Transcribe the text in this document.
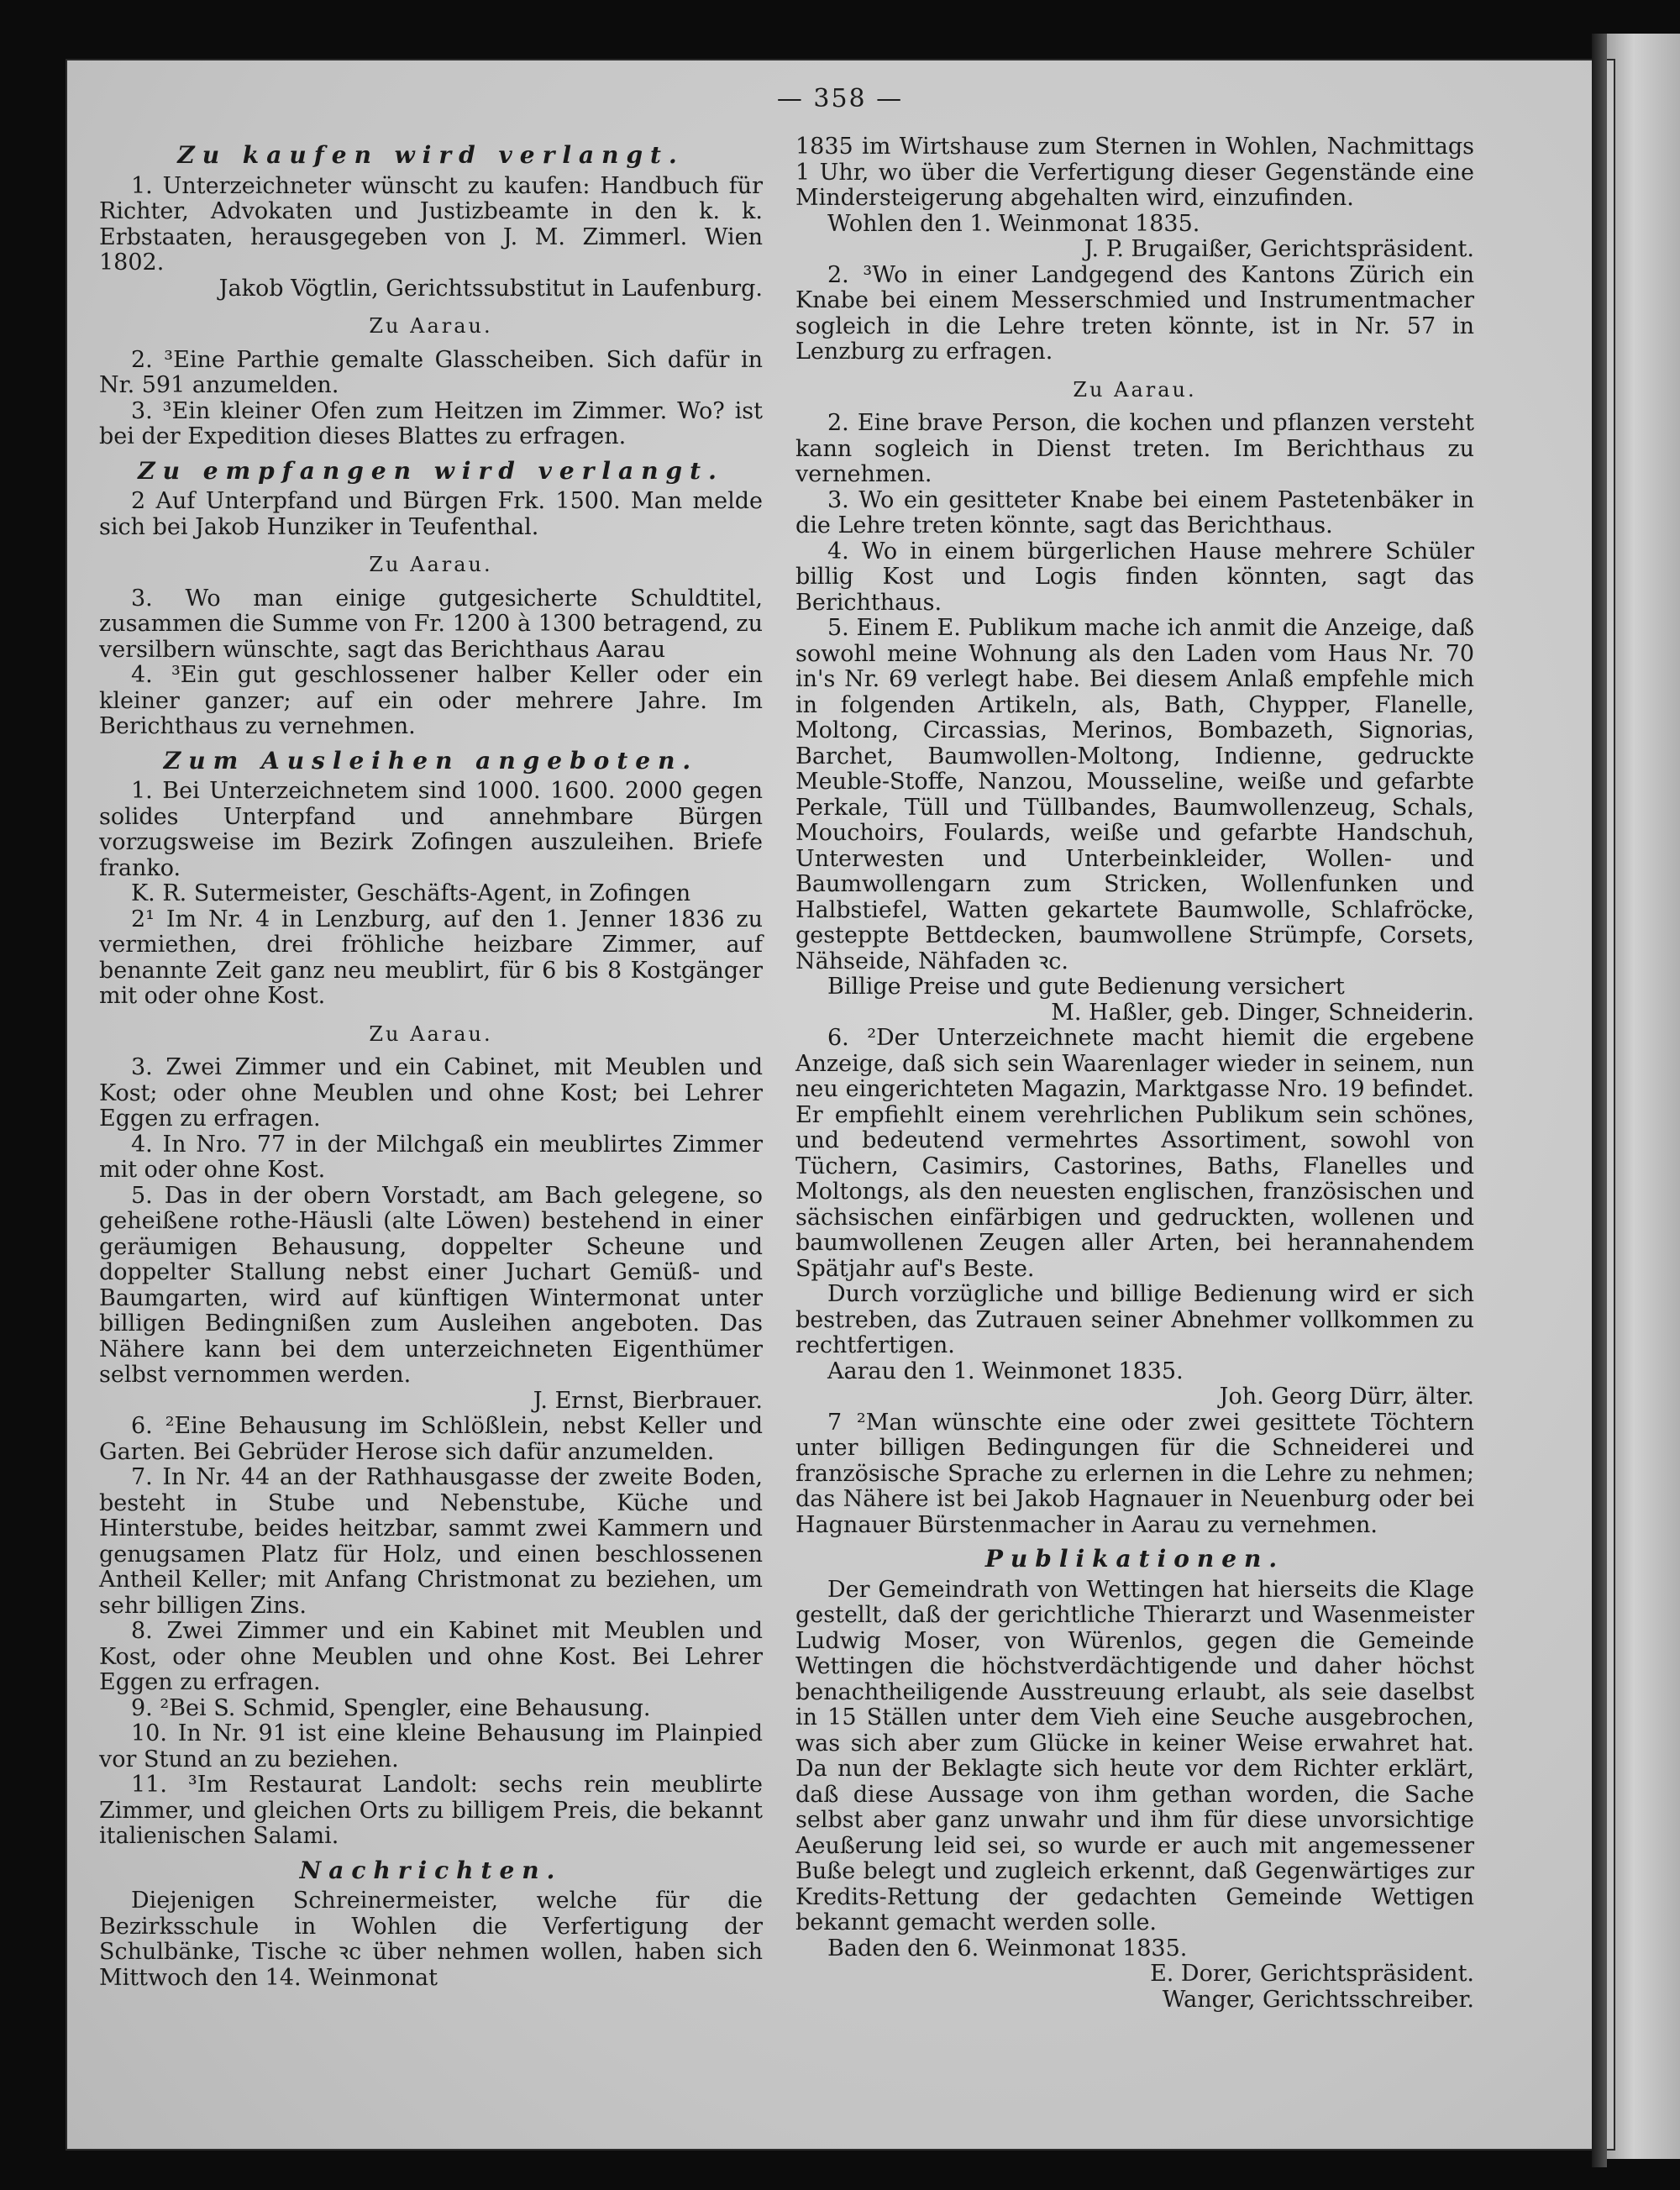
— 358 —
Zu kaufen wird verlangt.
1. Unterzeichneter wünscht zu kaufen: Handbuch für Richter, Advokaten und Justizbeamte in den k. k. Erbstaaten, herausgegeben von J. M. Zimmerl. Wien 1802.
Jakob Vögtlin, Gerichtssubstitut in Laufenburg.
Zu Aarau.
2. ³Eine Parthie gemalte Glasscheiben. Sich dafür in Nr. 591 anzumelden.
3. ³Ein kleiner Ofen zum Heitzen im Zimmer. Wo? ist bei der Expedition dieses Blattes zu erfragen.
Zu empfangen wird verlangt.
2 Auf Unterpfand und Bürgen Frk. 1500. Man melde sich bei Jakob Hunziker in Teufenthal.
Zu Aarau.
3. Wo man einige gutgesicherte Schuldtitel, zusammen die Summe von Fr. 1200 à 1300 betragend, zu versilbern wünschte, sagt das Berichthaus Aarau
4. ³Ein gut geschlossener halber Keller oder ein kleiner ganzer; auf ein oder mehrere Jahre. Im Berichthaus zu vernehmen.
Zum Ausleihen angeboten.
1. Bei Unterzeichnetem sind 1000. 1600. 2000 gegen solides Unterpfand und annehmbare Bürgen vorzugsweise im Bezirk Zofingen auszuleihen. Briefe franko.
K. R. Sutermeister, Geschäfts-Agent, in Zofingen
2¹ Im Nr. 4 in Lenzburg, auf den 1. Jenner 1836 zu vermiethen, drei fröhliche heizbare Zimmer, auf benannte Zeit ganz neu meublirt, für 6 bis 8 Kostgänger mit oder ohne Kost.
Zu Aarau.
3. Zwei Zimmer und ein Cabinet, mit Meublen und Kost; oder ohne Meublen und ohne Kost; bei Lehrer Eggen zu erfragen.
4. In Nro. 77 in der Milchgaß ein meublirtes Zimmer mit oder ohne Kost.
5. Das in der obern Vorstadt, am Bach gelegene, so geheißene rothe-Häusli (alte Löwen) bestehend in einer geräumigen Behausung, doppelter Scheune und doppelter Stallung nebst einer Juchart Gemüß- und Baumgarten, wird auf künftigen Wintermonat unter billigen Bedingnißen zum Ausleihen angeboten. Das Nähere kann bei dem unterzeichneten Eigenthümer selbst vernommen werden.
J. Ernst, Bierbrauer.
6. ²Eine Behausung im Schlößlein, nebst Keller und Garten. Bei Gebrüder Herose sich dafür anzumelden.
7. In Nr. 44 an der Rathhausgasse der zweite Boden, besteht in Stube und Nebenstube, Küche und Hinterstube, beides heitzbar, sammt zwei Kammern und genugsamen Platz für Holz, und einen beschlossenen Antheil Keller; mit Anfang Christmonat zu beziehen, um sehr billigen Zins.
8. Zwei Zimmer und ein Kabinet mit Meublen und Kost, oder ohne Meublen und ohne Kost. Bei Lehrer Eggen zu erfragen.
9. ²Bei S. Schmid, Spengler, eine Behausung.
10. In Nr. 91 ist eine kleine Behausung im Plainpied vor Stund an zu beziehen.
11. ³Im Restaurat Landolt: sechs rein meublirte Zimmer, und gleichen Orts zu billigem Preis, die bekannt italienischen Salami.
Nachrichten.
Diejenigen Schreinermeister, welche für die Bezirksschule in Wohlen die Verfertigung der Schulbänke, Tische ꝛc über nehmen wollen, haben sich Mittwoch den 14. Weinmonat
1835 im Wirtshause zum Sternen in Wohlen, Nachmittags 1 Uhr, wo über die Verfertigung dieser Gegenstände eine Mindersteigerung abgehalten wird, einzufinden.
Wohlen den 1. Weinmonat 1835.
J. P. Brugaißer, Gerichtspräsident.
2. ³Wo in einer Landgegend des Kantons Zürich ein Knabe bei einem Messerschmied und Instrumentmacher sogleich in die Lehre treten könnte, ist in Nr. 57 in Lenzburg zu erfragen.
Zu Aarau.
2. Eine brave Person, die kochen und pflanzen versteht kann sogleich in Dienst treten. Im Berichthaus zu vernehmen.
3. Wo ein gesitteter Knabe bei einem Pastetenbäker in die Lehre treten könnte, sagt das Berichthaus.
4. Wo in einem bürgerlichen Hause mehrere Schüler billig Kost und Logis finden könnten, sagt das Berichthaus.
5. Einem E. Publikum mache ich anmit die Anzeige, daß sowohl meine Wohnung als den Laden vom Haus Nr. 70 in's Nr. 69 verlegt habe. Bei diesem Anlaß empfehle mich in folgenden Artikeln, als, Bath, Chypper, Flanelle, Moltong, Circassias, Merinos, Bombazeth, Signorias, Barchet, Baumwollen-Moltong, Indienne, gedruckte Meuble-Stoffe, Nanzou, Mousseline, weiße und gefarbte Perkale, Tüll und Tüllbandes, Baumwollenzeug, Schals, Mouchoirs, Foulards, weiße und gefarbte Handschuh, Unterwesten und Unterbeinkleider, Wollen- und Baumwollengarn zum Stricken, Wollenfunken und Halbstiefel, Watten gekartete Baumwolle, Schlafröcke, gesteppte Bettdecken, baumwollene Strümpfe, Corsets, Nähseide, Nähfaden ꝛc.
Billige Preise und gute Bedienung versichert
M. Haßler, geb. Dinger, Schneiderin.
6. ²Der Unterzeichnete macht hiemit die ergebene Anzeige, daß sich sein Waarenlager wieder in seinem, nun neu eingerichteten Magazin, Marktgasse Nro. 19 befindet. Er empfiehlt einem verehrlichen Publikum sein schönes, und bedeutend vermehrtes Assortiment, sowohl von Tüchern, Casimirs, Castorines, Baths, Flanelles und Moltongs, als den neuesten englischen, französischen und sächsischen einfärbigen und gedruckten, wollenen und baumwollenen Zeugen aller Arten, bei herannahendem Spätjahr auf's Beste.
Durch vorzügliche und billige Bedienung wird er sich bestreben, das Zutrauen seiner Abnehmer vollkommen zu rechtfertigen.
Aarau den 1. Weinmonet 1835.
Joh. Georg Dürr, älter.
7 ²Man wünschte eine oder zwei gesittete Töchtern unter billigen Bedingungen für die Schneiderei und französische Sprache zu erlernen in die Lehre zu nehmen; das Nähere ist bei Jakob Hagnauer in Neuenburg oder bei Hagnauer Bürstenmacher in Aarau zu vernehmen.
Publikationen.
Der Gemeindrath von Wettingen hat hierseits die Klage gestellt, daß der gerichtliche Thierarzt und Wasenmeister Ludwig Moser, von Würenlos, gegen die Gemeinde Wettingen die höchstverdächtigende und daher höchst benachtheiligende Ausstreuung erlaubt, als seie daselbst in 15 Ställen unter dem Vieh eine Seuche ausgebrochen, was sich aber zum Glücke in keiner Weise erwahret hat. Da nun der Beklagte sich heute vor dem Richter erklärt, daß diese Aussage von ihm gethan worden, die Sache selbst aber ganz unwahr und ihm für diese unvorsichtige Aeußerung leid sei, so wurde er auch mit angemessener Buße belegt und zugleich erkennt, daß Gegenwärtiges zur Kredits-Rettung der gedachten Gemeinde Wettigen bekannt gemacht werden solle.
Baden den 6. Weinmonat 1835.
E. Dorer, Gerichtspräsident.
Wanger, Gerichtsschreiber.
